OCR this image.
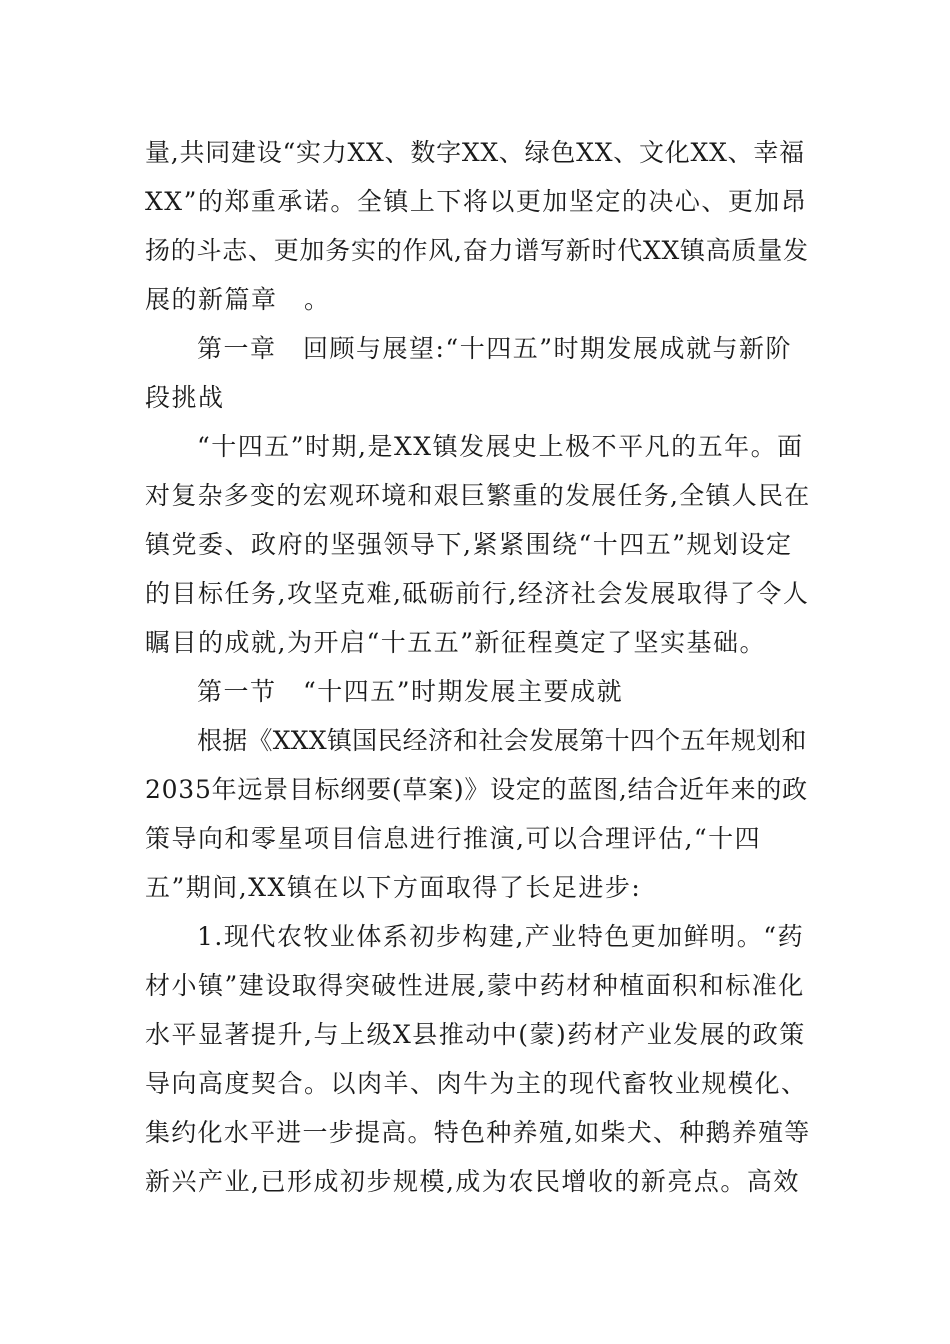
量,共同建设“实力XX、数字XX、绿色XX、文化XX、幸福
XX”的郑重承诺。全镇上下将以更加坚定的决心、更加昂
扬的斗志、更加务实的作风,奋力谱写新时代XX镇高质量发
展的新篇章　。
第一章　回顾与展望:“十四五”时期发展成就与新阶
段挑战
“十四五”时期,是XX镇发展史上极不平凡的五年。面
对复杂多变的宏观环境和艰巨繁重的发展任务,全镇人民在
镇党委、政府的坚强领导下,紧紧围绕“十四五”规划设定
的目标任务,攻坚克难,砥砺前行,经济社会发展取得了令人
瞩目的成就,为开启“十五五”新征程奠定了坚实基础。
第一节　“十四五”时期发展主要成就
根据《XXX镇国民经济和社会发展第十四个五年规划和
2035年远景目标纲要(草案)》设定的蓝图,结合近年来的政
策导向和零星项目信息进行推演,可以合理评估,“十四
五”期间,XX镇在以下方面取得了长足进步:
1.现代农牧业体系初步构建,产业特色更加鲜明。“药
材小镇”建设取得突破性进展,蒙中药材种植面积和标准化
水平显著提升,与上级X县推动中(蒙)药材产业发展的政策
导向高度契合。以肉羊、肉牛为主的现代畜牧业规模化、
集约化水平进一步提高。特色种养殖,如柴犬、种鹅养殖等
新兴产业,已形成初步规模,成为农民增收的新亮点。高效
